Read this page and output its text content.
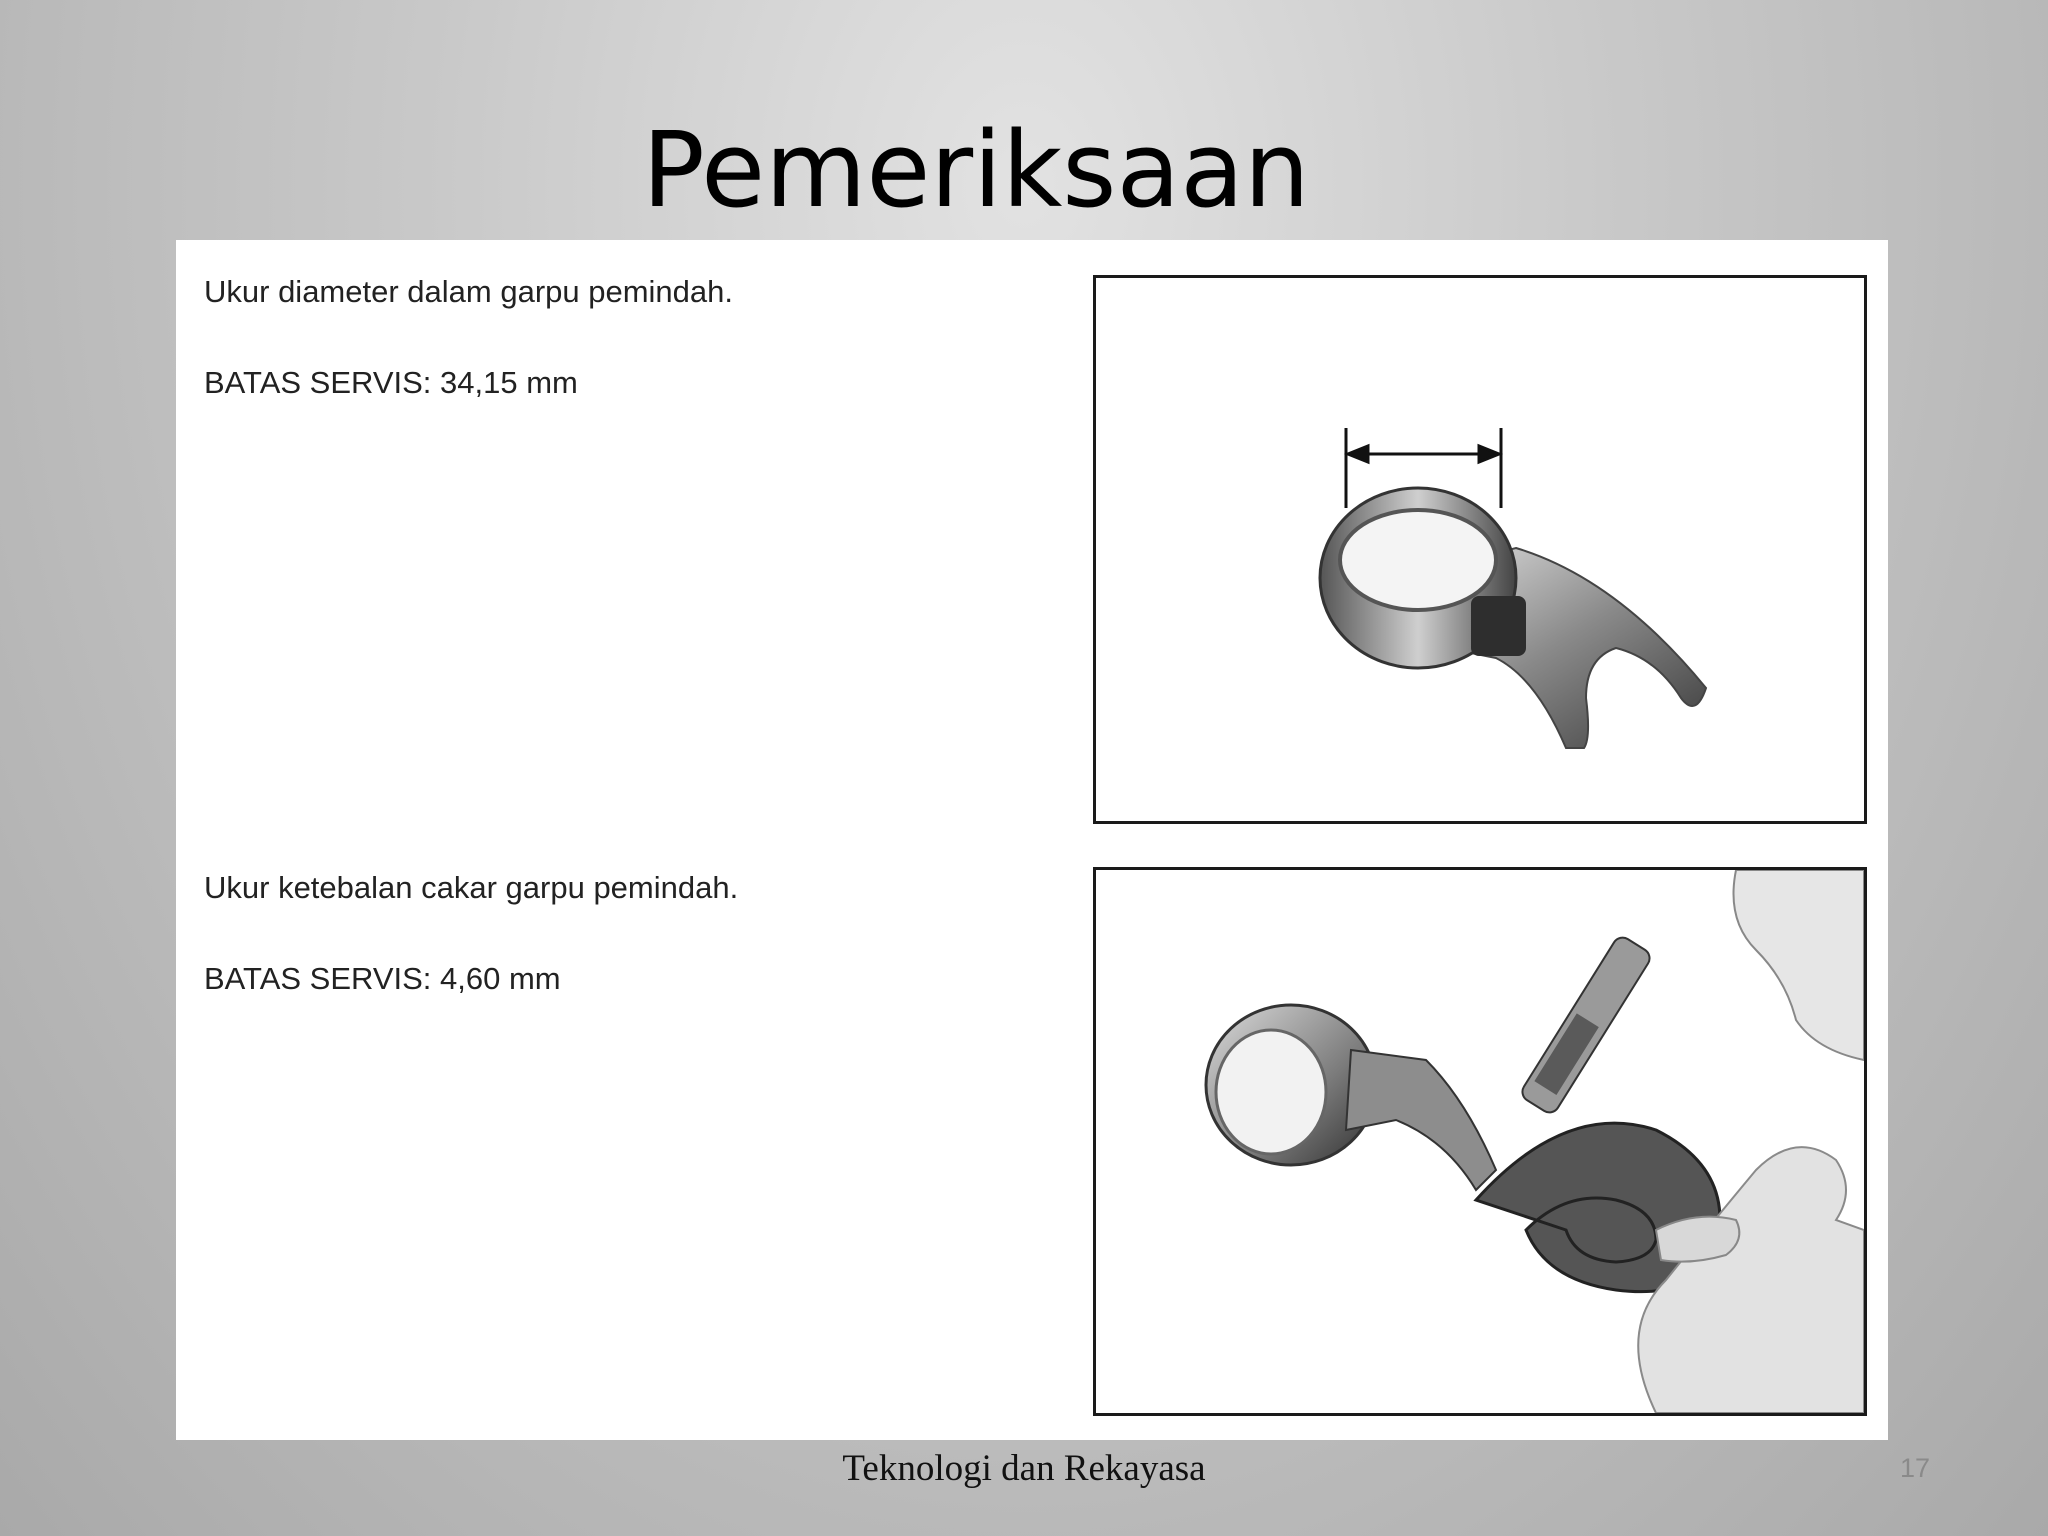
Pemeriksaan

Ukur diameter dalam garpu pemindah.

BATAS SERVIS: 34,15 mm

Ukur ketebalan cakar garpu pemindah.

BATAS SERVIS: 4,60 mm

Teknologi dan Rekayasa	17
